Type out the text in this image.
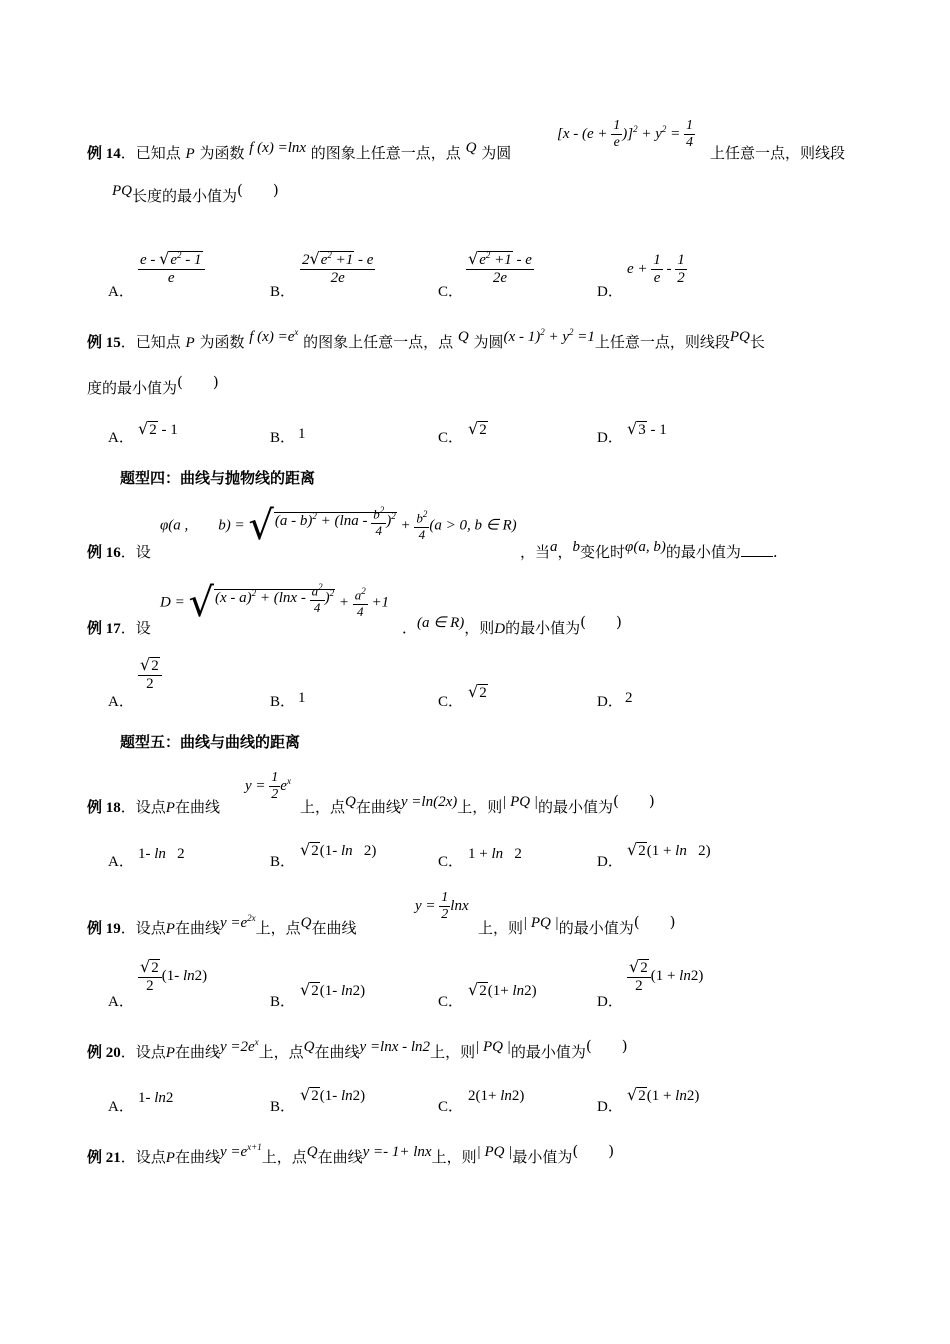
例 14．已知点 P 为函数 f (x) =lnx 的图象上任意一点，点 Q 为圆
$[x - (e + \frac{1}{e} )]^2 + y^2 = \frac{1}{4}$
上任意一点，则线段
PQ长度的最小值为(　　)
A．
$\frac{e - √e^2 - 1}{e}$
B．
$\frac{2√e^2 +1 - e}{2e}$
C．
$\frac{√e^2 +1 - e}{2e}$
D．
$e + \frac{1}{e} - \frac{1}{2}$
例 15．已知点 P 为函数 f $(x) =e^x$ 的图象上任意一点，点 Q 为圆$(x - 1)^2 + y^2 =1$上任意一点，则线段PQ长
度的最小值为(　　)
A． √2 - 1	B． 1	C． √2	D． √3 - 1
题型四：曲线与抛物线的距离
例 16．设
φ(a ,        $b) = √(a - b)^2 + (\ln a - \frac{b^2}{4} )^2 + \frac{b^2}{4} (a > 0$, b ∈ R)
，当a，b变化时φ(a, b)的最小值为 .
例 17．设
$D = √(x - a)^2 + (\ln x - \frac{a^2}{4} )^2 + \frac{a^2}{4} +1$
．(a ∈ R)，则D的最小值为(　　)
A．
$\frac{√2}{2}$
B． 1	C．
√2
D． 2
题型五：曲线与曲线的距离
例 18．设点P在曲线
$y = \frac{1}{2} e^x$
上，点Q在曲线y =ln(2x)上，则| PQ |的最小值为(　　)
A． 1- ln   2	B．
√2(1- ln   2)
C． 1 + ln   2	D．
√2(1 + ln   2)
例 19．设点P在曲线$y =e^{2x}$上，点Q在曲线
$y = \frac{1}{2}$ lnx
上，则| PQ |的最小值为(　　)
A．
$\frac{√2}{2} (1-$ ln2)
B．
√2(1- ln2)
C．
√2(1+ ln2)
D．
$\frac{√2}{2} (1 + \ln 2)$
例 20．设点P在曲线$y =2e^x$上，点Q在曲线y =lnx - ln2上，则| PQ |的最小值为(　　)
A．
1- ln2
B．
√2(1- ln2)
C．
2(1+ ln2)
D．
√2(1 + ln2)
例 21．设点P在曲线$y =e^{x+1}$上，点Q在曲线y =- 1+ lnx上，则| PQ |最小值为(　　)
